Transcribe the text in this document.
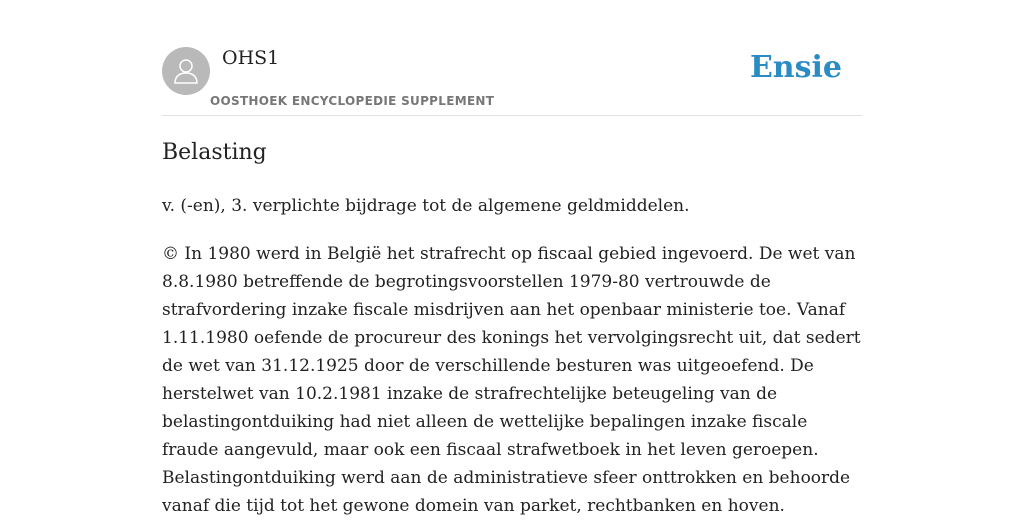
OHS1
OOSTHOEK ENCYCLOPEDIE SUPPLEMENT
Ensie
Belasting

v. (-en), 3. verplichte bijdrage tot de algemene geldmiddelen.

© In 1980 werd in België het strafrecht op fiscaal gebied ingevoerd. De wet van 8.8.1980 betreffende de begrotingsvoorstellen 1979-80 vertrouwde de strafvordering inzake fiscale misdrijven aan het openbaar ministerie toe. Vanaf 1.11.1980 oefende de procureur des konings het vervolgingsrecht uit, dat sedert de wet van 31.12.1925 door de verschillende besturen was uitgeoefend. De herstelwet van 10.2.1981 inzake de strafrechtelijke beteugeling van de belastingontduiking had niet alleen de wettelijke bepalingen inzake fiscale fraude aangevuld, maar ook een fiscaal strafwetboek in het leven geroepen. Belastingontduiking werd aan de administratieve sfeer onttrokken en behoorde vanaf die tijd tot het gewone domein van parket, rechtbanken en hoven.
